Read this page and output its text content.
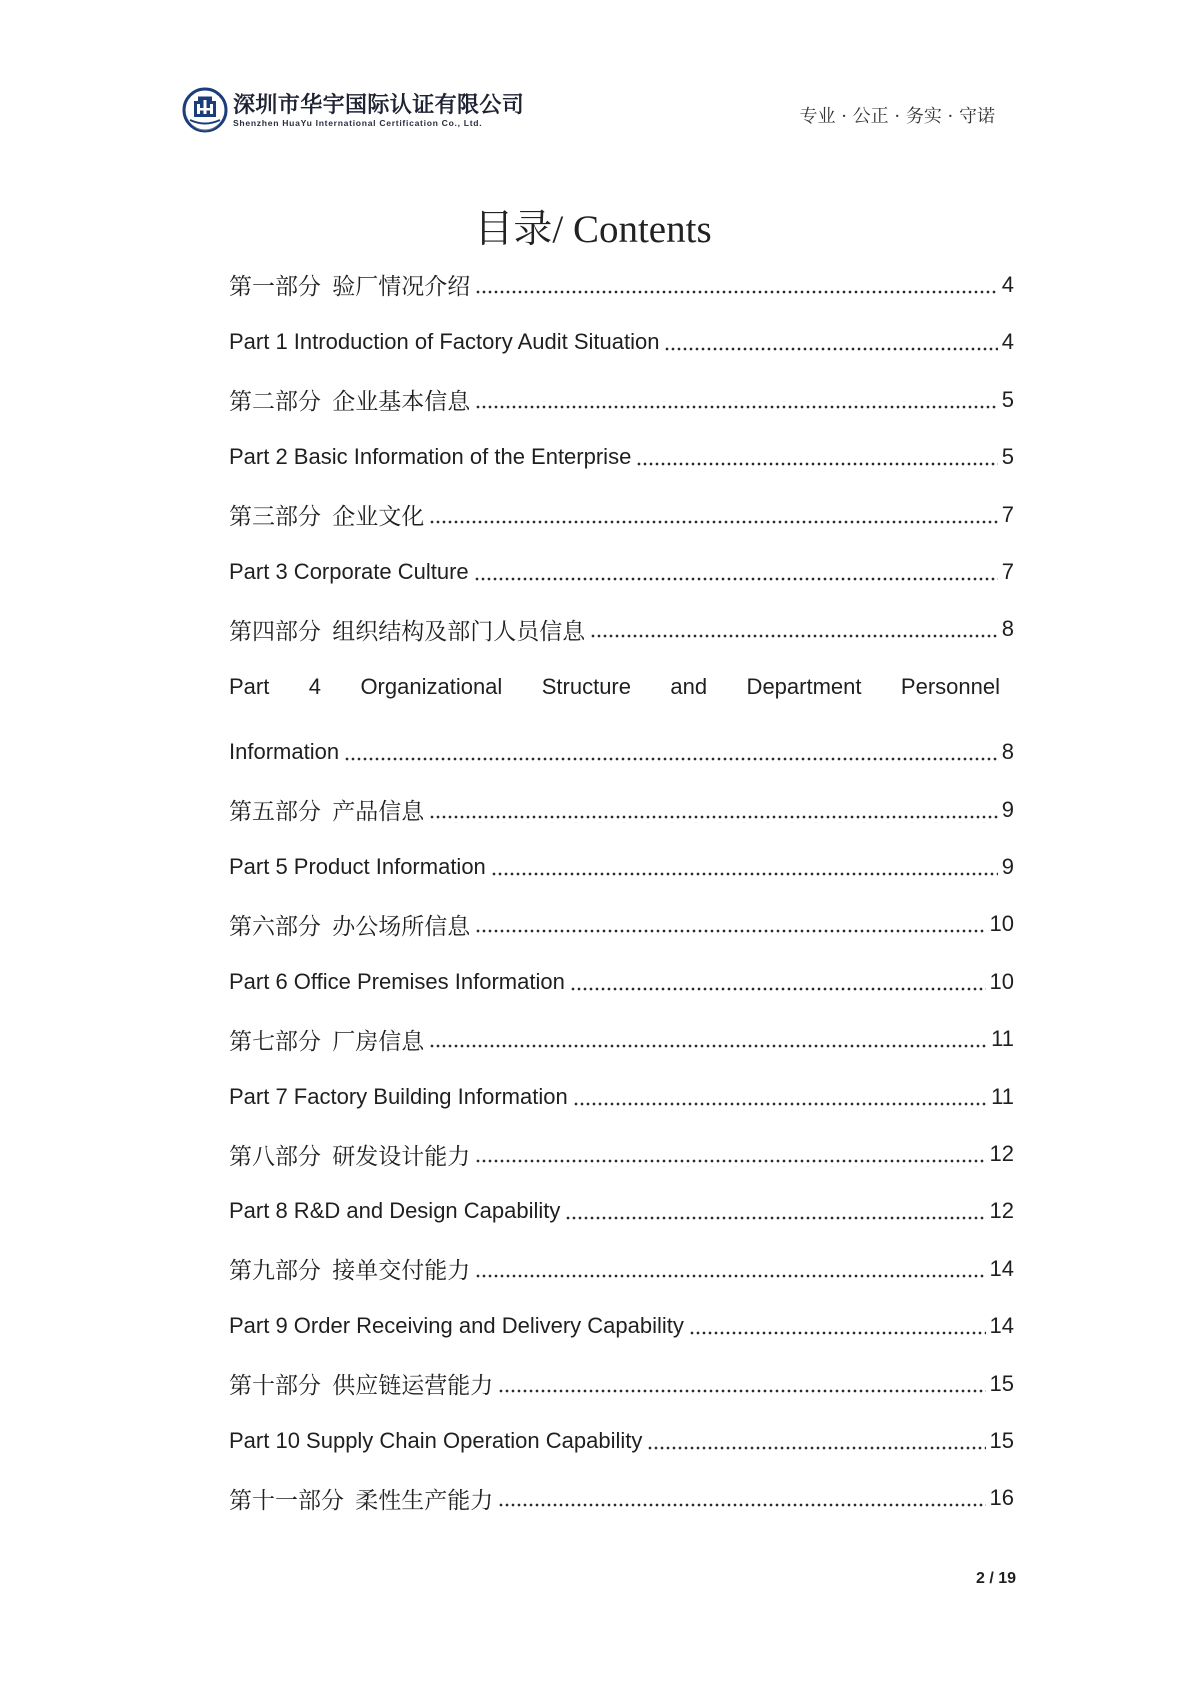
深圳市华宇国际认证有限公司
Shenzhen HuaYu International Certification Co., Ltd.	专业 · 公正 · 务实 · 守诺
目录/ Contents
第一部分 验厂情况介绍	4
Part 1 Introduction of Factory Audit Situation	4
第二部分 企业基本信息	5
Part 2 Basic Information of the Enterprise	5
第三部分 企业文化	7
Part 3 Corporate Culture	7
第四部分 组织结构及部门人员信息	8
Part 4 Organizational Structure and Department Personnel
Information	8
第五部分 产品信息	9
Part 5 Product Information	9
第六部分 办公场所信息	10
Part 6 Office Premises Information	10
第七部分 厂房信息	11
Part 7 Factory Building Information	11
第八部分 研发设计能力	12
Part 8 R&D and Design Capability	12
第九部分 接单交付能力	14
Part 9 Order Receiving and Delivery Capability	14
第十部分 供应链运营能力	15
Part 10 Supply Chain Operation Capability	15
第十一部分 柔性生产能力	16
2 / 19
